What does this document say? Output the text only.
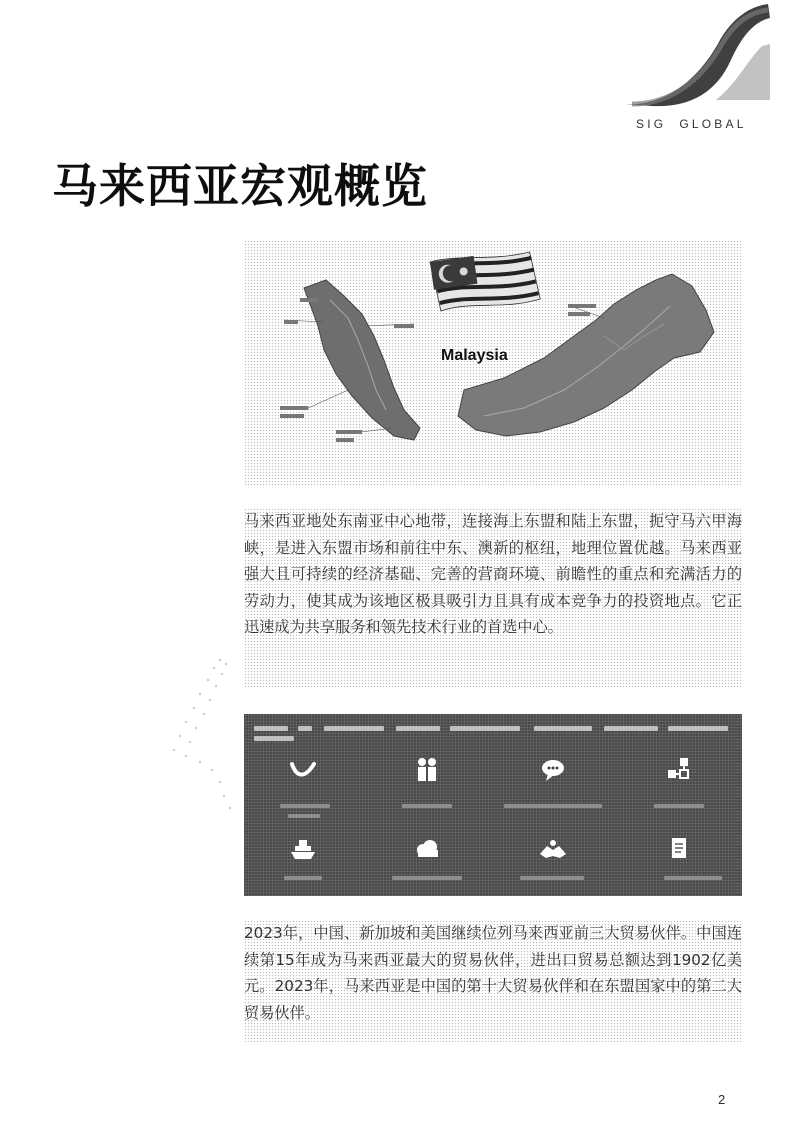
SIG  GLOBAL
马来西亚宏观概览
Malaysia

马来西亚地处东南亚中心地带，连接海上东盟和陆上东盟，扼守马六甲海峡，是进入东盟市场和前往中东、澳新的枢纽，地理位置优越。马来西亚强大且可持续的经济基础、完善的营商环境、前瞻性的重点和充满活力的劳动力，使其成为该地区极具吸引力且具有成本竞争力的投资地点。它正迅速成为共享服务和领先技术行业的首选中心。

2023年，中国、新加坡和美国继续位列马来西亚前三大贸易伙伴。中国连续第15年成为马来西亚最大的贸易伙伴，进出口贸易总额达到1902亿美元。2023年，马来西亚是中国的第十大贸易伙伴和在东盟国家中的第二大贸易伙伴。

2
